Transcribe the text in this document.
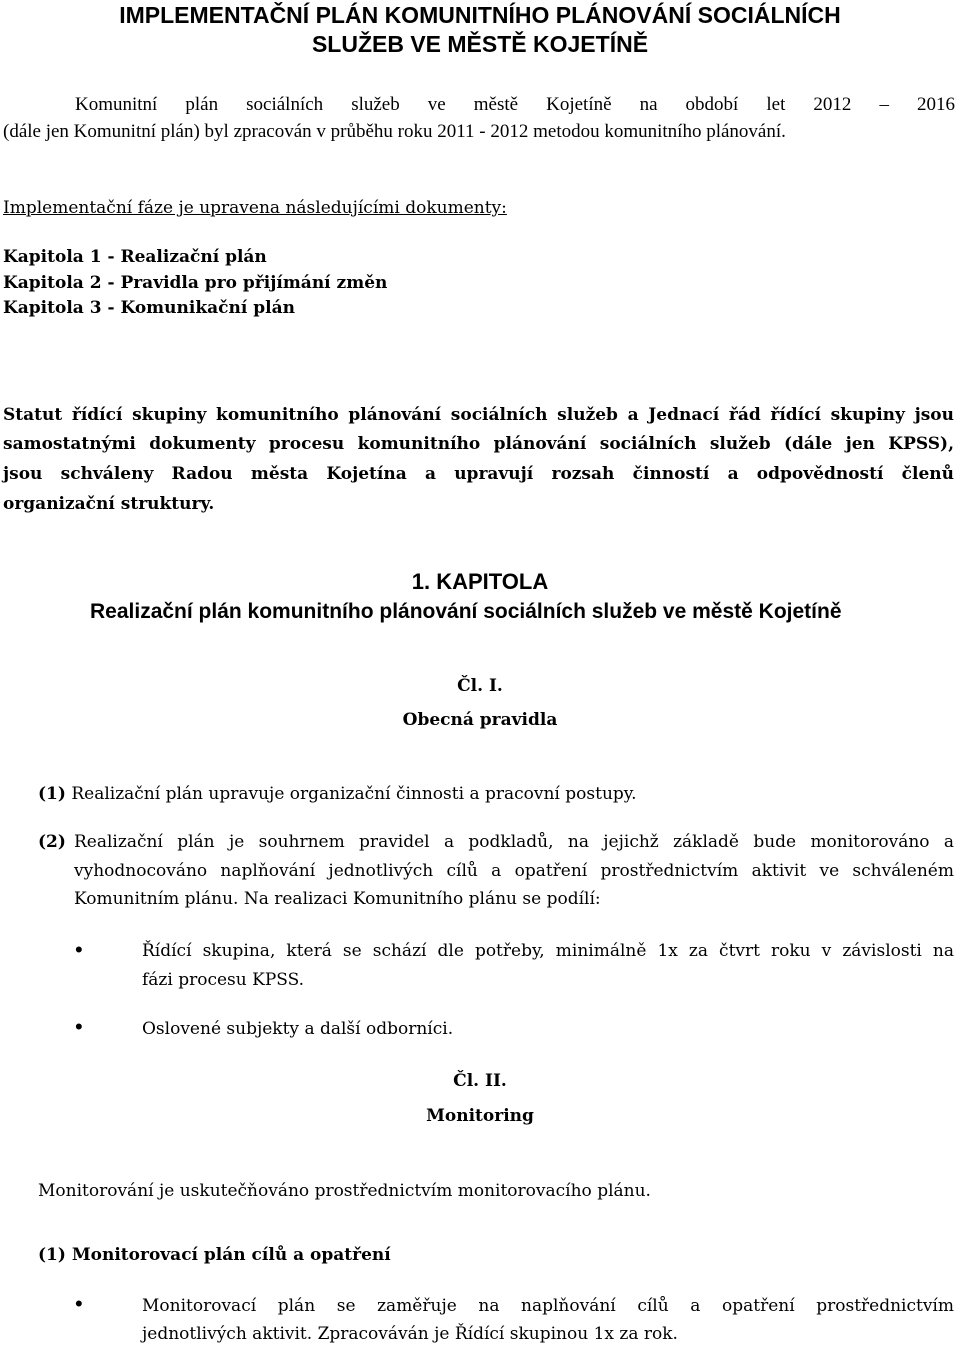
IMPLEMENTAČNÍ PLÁN KOMUNITNÍHO PLÁNOVÁNÍ SOCIÁLNÍCH
SLUŽEB VE MĚSTĚ KOJETÍNĚ
Komunitní plán sociálních služeb ve městě Kojetíně na období let 2012 – 2016
(dále jen Komunitní plán) byl zpracován v průběhu roku 2011 - 2012 metodou komunitního plánování.
Implementační fáze je upravena následujícími dokumenty:
Kapitola 1 - Realizační plán
Kapitola 2 - Pravidla pro přijímání změn
Kapitola 3 - Komunikační plán
Statut řídící skupiny komunitního plánování sociálních služeb a Jednací řád řídící skupiny jsou
samostatnými dokumenty procesu komunitního plánování sociálních služeb (dále jen KPSS),
jsou schváleny Radou města Kojetína a upravují rozsah činností a odpovědností členů
organizační struktury.
1. KAPITOLA
Realizační plán komunitního plánování sociálních služeb ve městě Kojetíně
Čl. I.
Obecná pravidla
(1) Realizační plán upravuje organizační činnosti a pracovní postupy.
(2) Realizační plán je souhrnem pravidel a podkladů, na jejichž základě bude monitorováno a
vyhodnocováno naplňování jednotlivých cílů a opatření prostřednictvím aktivit ve schváleném
Komunitním plánu. Na realizaci Komunitního plánu se podílí:
•	Řídící skupina, která se schází dle potřeby, minimálně 1x za čtvrt roku v závislosti na
fázi procesu KPSS.
•	Oslovené subjekty a další odborníci.
Čl. II.
Monitoring
Monitorování je uskutečňováno prostřednictvím monitorovacího plánu.
(1) Monitorovací plán cílů a opatření
•	Monitorovací plán se zaměřuje na naplňování cílů a opatření prostřednictvím
jednotlivých aktivit. Zpracováván je Řídící skupinou 1x za rok.
